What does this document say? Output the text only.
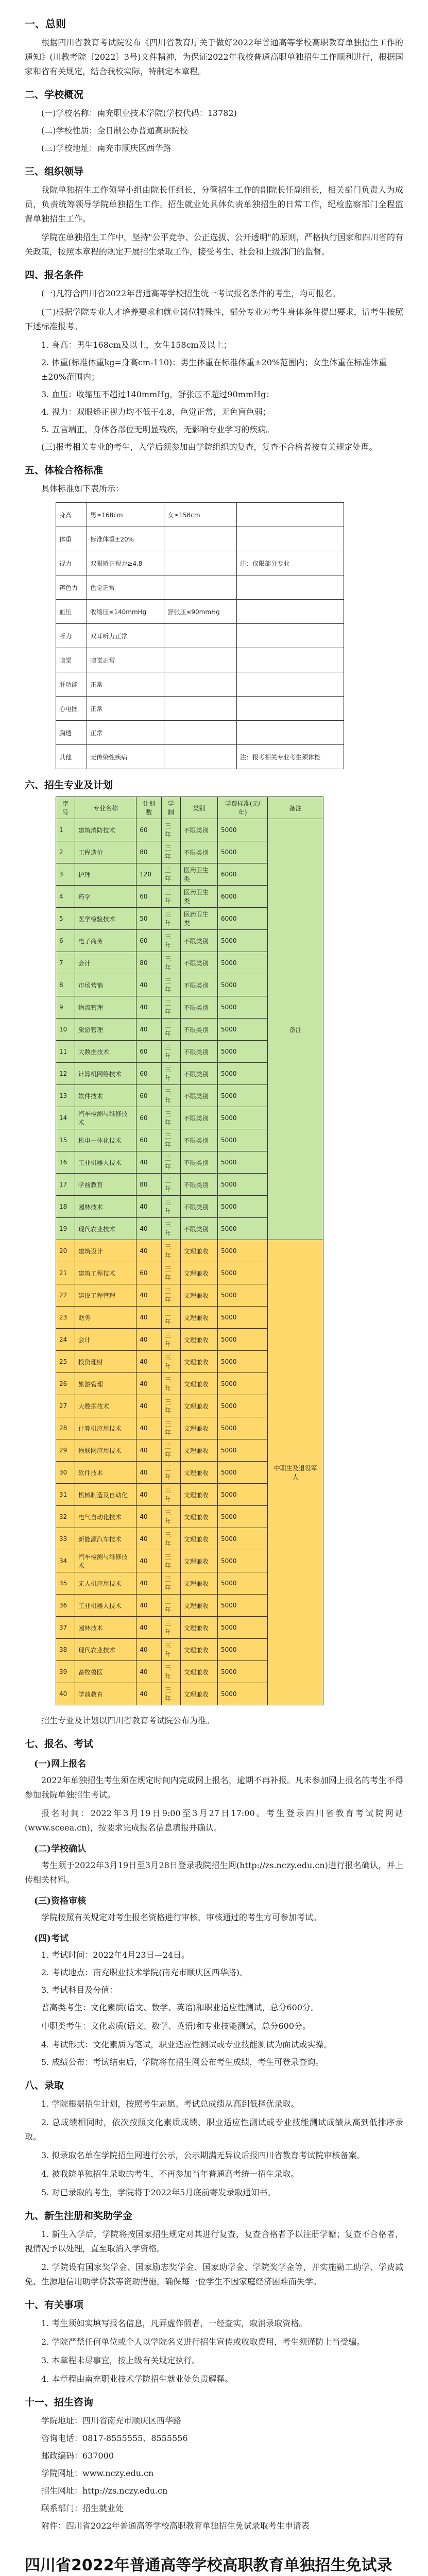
一、总则
根据四川省教育考试院发布《四川省教育厅关于做好2022年普通高等学校高职教育单独招生工作的通知》(川教考院〔2022〕3号)文件精神，为保证2022年我校普通高职单独招生工作顺利进行，根据国家和省有关规定，结合我校实际，特制定本章程。
二、学校概况
(一)学校名称：南充职业技术学院(学校代码：13782)
(二)学校性质：全日制公办普通高职院校
(三)学校地址：南充市顺庆区西华路
三、组织领导
我院单独招生工作领导小组由院长任组长，分管招生工作的副院长任副组长，相关部门负责人为成员，负责统筹领导学院单独招生工作。招生就业处具体负责单独招生的日常工作，纪检监察部门全程监督单独招生工作。
学院在单独招生工作中，坚持"公平竞争、公正选拔、公开透明"的原则，严格执行国家和四川省的有关政策，按照本章程的规定开展招生录取工作，接受考生、社会和上级部门的监督。
四、报名条件
(一)凡符合四川省2022年普通高等学校招生统一考试报名条件的考生，均可报名。
(二)根据学院专业人才培养要求和就业岗位特殊性，部分专业对考生身体条件提出要求，请考生按照下述标准报考。
1. 身高：男生168cm及以上，女生158cm及以上；
2. 体重(标准体重kg=身高cm-110)：男生体重在标准体重±20%范围内；女生体重在标准体重±20%范围内；
3. 血压：收缩压不超过140mmHg，舒张压不超过90mmHg；
4. 视力：双眼矫正视力均不低于4.8，色觉正常，无色盲色弱；
5. 五官端正，身体各部位无明显残疾，无影响专业学习的疾病。
(三)报考相关专业的考生，入学后须参加由学院组织的复查，复查不合格者按有关规定处理。
五、体检合格标准
具体标准如下表所示：
身高	男≥168cm	女≥158cm	
体重	标准体重±20%		
视力	双眼矫正视力≥4.8		注：仅限部分专业
辨色力	色觉正常		
血压	收缩压≤140mmHg	舒张压≤90mmHg	
听力	双耳听力正常		
嗅觉	嗅觉正常		
肝功能	正常		
心电图	正常		
胸透	正常		
其他	无传染性疾病		注：报考相关专业考生须体检
六、招生专业及计划
序号	专业名称	计划数	学制	类别	学费标准(元/年)	备注
1	建筑消防技术	60	三年	不限类别	5000	备注
2	工程造价	80	三年	不限类别	5000	
3	护理	120	三年	医药卫生类	6000	
4	药学	60	三年	医药卫生类	6000	
5	医学检验技术	50	三年	医药卫生类	6000	
6	电子商务	60	三年	不限类别	5000	
7	会计	80	三年	不限类别	5000	
8	市场营销	40	三年	不限类别	5000	
9	物流管理	40	三年	不限类别	5000	
10	旅游管理	40	三年	不限类别	5000	
11	大数据技术	60	三年	不限类别	5000	
12	计算机网络技术	60	三年	不限类别	5000	
13	软件技术	60	三年	不限类别	5000	
14	汽车检测与维修技术	60	三年	不限类别	5000	
15	机电一体化技术	60	三年	不限类别	5000	
16	工业机器人技术	40	三年	不限类别	5000	
17	学前教育	80	三年	不限类别	5000	
18	园林技术	40	三年	不限类别	5000	
19	现代农业技术	40	三年	不限类别	5000	
20	建筑设计	40	三年	文理兼收	5000	中职生及退役军人
21	建筑工程技术	60	三年	文理兼收	5000	
22	建设工程管理	40	三年	文理兼收	5000	
23	财务	40	三年	文理兼收	5000	
24	会计	40	三年	文理兼收	5000	
25	投资理财	40	三年	文理兼收	5000	
26	旅游管理	40	三年	文理兼收	5000	
27	大数据技术	40	三年	文理兼收	5000	
28	计算机应用技术	40	三年	文理兼收	5000	
29	物联网应用技术	40	三年	文理兼收	5000	
30	软件技术	40	三年	文理兼收	5000	
31	机械制造及自动化	40	三年	文理兼收	5000	
32	电气自动化技术	40	三年	文理兼收	5000	
33	新能源汽车技术	40	三年	文理兼收	5000	
34	汽车检测与维修技术	40	三年	文理兼收	5000	
35	无人机应用技术	40	三年	文理兼收	5000	
36	工业机器人技术	40	三年	文理兼收	5000	
37	园林技术	40	三年	文理兼收	5000	
38	现代农业技术	40	三年	文理兼收	5000	
39	畜牧兽医	40	三年	文理兼收	5000	
40	学前教育	40	三年	文理兼收	5000	
招生专业及计划以四川省教育考试院公布为准。
七、报名、考试
(一)网上报名
2022年单独招生考生须在规定时间内完成网上报名，逾期不再补报。凡未参加网上报名的考生不得参加我院单独招生考试。
报名时间：2022年3月19日9:00至3月27日17:00。考生登录四川省教育考试院网站(www.sceea.cn)，按要求完成报名信息填报并确认。
(二)学校确认
考生须于2022年3月19日至3月28日登录我院招生网(http://zs.nczy.edu.cn)进行报名确认，并上传相关材料。
(三)资格审核
学院按照有关规定对考生报名资格进行审核，审核通过的考生方可参加考试。
(四)考试
1. 考试时间：2022年4月23日—24日。
2. 考试地点：南充职业技术学院(南充市顺庆区西华路)。
3. 考试科目及分值：
普高类考生：文化素质(语文、数学、英语)和职业适应性测试，总分600分。
中职类考生：文化素质(语文、数学、英语)和专业技能测试，总分600分。
4. 考试形式：文化素质为笔试，职业适应性测试或专业技能测试为面试或实操。
5. 成绩公布：考试结束后，学院将在招生网公布考生成绩，考生可登录查询。
八、录取
1. 学院根据招生计划，按照考生志愿、考试总成绩从高到低择优录取。
2. 总成绩相同时，依次按照文化素质成绩、职业适应性测试或专业技能测试成绩从高到低排序录取。
3. 拟录取名单在学院招生网进行公示，公示期满无异议后报四川省教育考试院审核备案。
4. 被我院单独招生录取的考生，不再参加当年普通高考统一招生录取。
5. 对已录取的考生，学院将于2022年5月底前寄发录取通知书。
九、新生注册和奖助学金
1. 新生入学后，学院将按国家招生规定对其进行复查，复查合格者予以注册学籍；复查不合格者，视情况予以处理，直至取消入学资格。
2. 学院设有国家奖学金、国家励志奖学金、国家助学金、学院奖学金等，并实施勤工助学、学费减免、生源地信用助学贷款等资助措施，确保每一位学生不因家庭经济困难而失学。
十、有关事项
1. 考生须如实填写报名信息，凡弄虚作假者，一经查实，取消录取资格。
2. 学院严禁任何单位或个人以学院名义进行招生宣传或收取费用，考生须谨防上当受骗。
3. 本章程未尽事宜，按上级有关规定执行。
4. 本章程由南充职业技术学院招生就业处负责解释。
十一、招生咨询
学院地址：四川省南充市顺庆区西华路
咨询电话：0817-8555555、8555556
邮政编码：637000
学院网址：www.nczy.edu.cn
招生网址：http://zs.nczy.edu.cn
联系部门：招生就业处
附件：四川省2022年普通高等学校高职教育单独招生免试录取考生申请表
四川省2022年普通高等学校高职教育单独招生免试录
